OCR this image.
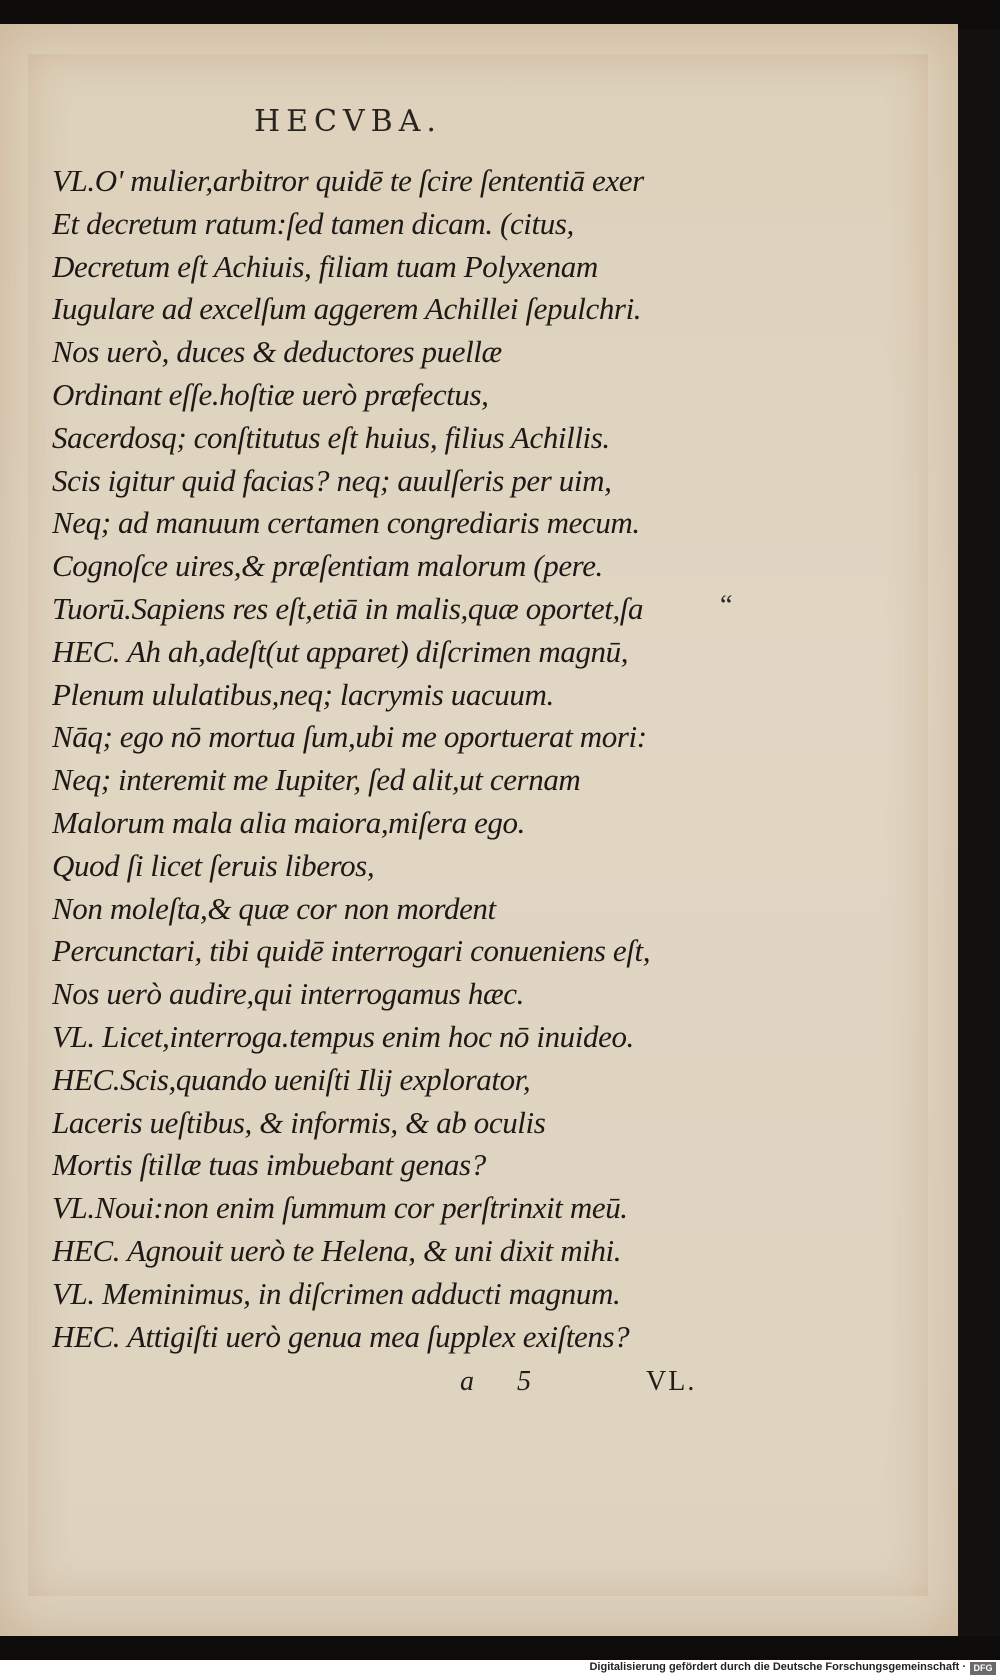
HECVBA.
VL.O' mulier,arbitror quidē te ſcire ſententiā exer
Et decretum ratum:ſed tamen dicam. (citus,
Decretum eſt Achiuis, filiam tuam Polyxenam
Iugulare ad excelſum aggerem Achillei ſepulchri.
Nos uerò, duces & deductores puellæ
Ordinant eſſe.hoſtiæ uerò præfectus,
Sacerdosq; conſtitutus eſt huius, filius Achillis.
Scis igitur quid facias? neq; auulſeris per uim,
Neq; ad manuum certamen congrediaris mecum.
Cognoſce uires,& præſentiam malorum (pere.
Tuorū.Sapiens res eſt,etiā in malis,quæ oportet,ſa
HEC. Ah ah,adeſt(ut apparet) diſcrimen magnū,
Plenum ululatibus,neq; lacrymis uacuum.
Nāq; ego nō mortua ſum,ubi me oportuerat mori:
Neq; interemit me Iupiter, ſed alit,ut cernam
Malorum mala alia maiora,miſera ego.
Quod ſi licet ſeruis liberos,
Non moleſta,& quæ cor non mordent
Percunctari, tibi quidē interrogari conueniens eſt,
Nos uerò audire,qui interrogamus hæc.
VL. Licet,interroga.tempus enim hoc nō inuideo.
HEC.Scis,quando ueniſti Ilij explorator,
Laceris ueſtibus, & informis, & ab oculis
Mortis ſtillæ tuas imbuebant genas?
VL.Noui:non enim ſummum cor perſtrinxit meū.
HEC. Agnouit uerò te Helena, & uni dixit mihi.
VL. Meminimus, in diſcrimen adducti magnum.
HEC. Attigiſti uerò genua mea ſupplex exiſtens?
“
a 5	VL.
Digitalisierung gefördert durch die Deutsche Forschungsgemeinschaft · DFG
